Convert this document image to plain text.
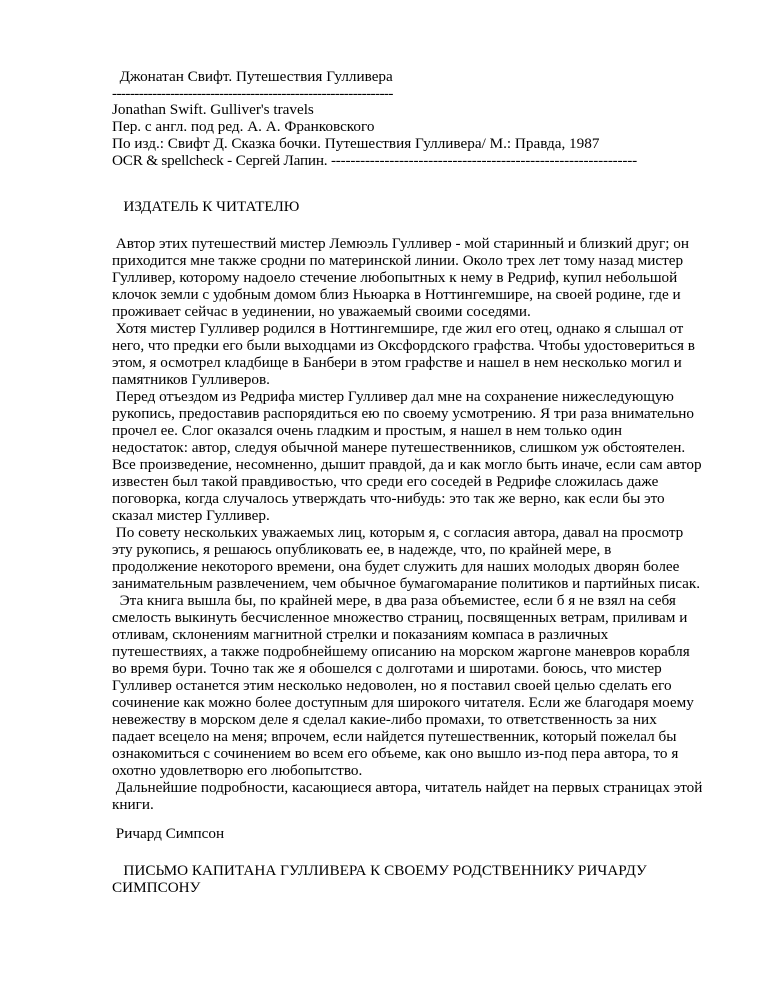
Джонатан Свифт. Путешествия Гулливера
---------------------------------------------------------------
Jonathan Swift. Gulliver's travels
Пер. с англ. под ред. А. А. Франковского
По изд.: Свифт Д. Сказка бочки. Путешествия Гулливера/ М.: Правда, 1987
OCR & spellcheck - Сергей Лапин. ---------------------------------------------------------------
ИЗДАТЕЛЬ К ЧИТАТЕЛЮ
Автор этих путешествий мистер Лемюэль Гулливер - мой старинный и близкий друг; он
приходится мне также сродни по материнской линии. Около трех лет тому назад мистер
Гулливер, которому надоело стечение любопытных к нему в Редриф, купил небольшой
клочок земли с удобным домом близ Ньюарка в Ноттингемшире, на своей родине, где и
проживает сейчас в уединении, но уважаемый своими соседями.
Хотя мистер Гулливер родился в Ноттингемшире, где жил его отец, однако я слышал от
него, что предки его были выходцами из Оксфордского графства. Чтобы удостовериться в
этом, я осмотрел кладбище в Банбери в этом графстве и нашел в нем несколько могил и
памятников Гулливеров.
Перед отъездом из Редрифа мистер Гулливер дал мне на сохранение нижеследующую
рукопись, предоставив распорядиться ею по своему усмотрению. Я три раза внимательно
прочел ее. Слог оказался очень гладким и простым, я нашел в нем только один
недостаток: автор, следуя обычной манере путешественников, слишком уж обстоятелен.
Все произведение, несомненно, дышит правдой, да и как могло быть иначе, если сам автор
известен был такой правдивостью, что среди его соседей в Редрифе сложилась даже
поговорка, когда случалось утверждать что-нибудь: это так же верно, как если бы это
сказал мистер Гулливер.
По совету нескольких уважаемых лиц, которым я, с согласия автора, давал на просмотр
эту рукопись, я решаюсь опубликовать ее, в надежде, что, по крайней мере, в
продолжение некоторого времени, она будет служить для наших молодых дворян более
занимательным развлечением, чем обычное бумагомарание политиков и партийных писак.
Эта книга вышла бы, по крайней мере, в два раза объемистее, если б я не взял на себя
смелость выкинуть бесчисленное множество страниц, посвященных ветрам, приливам и
отливам, склонениям магнитной стрелки и показаниям компаса в различных
путешествиях, а также подробнейшему описанию на морском жаргоне маневров корабля
во время бури. Точно так же я обошелся с долготами и широтами. боюсь, что мистер
Гулливер останется этим несколько недоволен, но я поставил своей целью сделать его
сочинение как можно более доступным для широкого читателя. Если же благодаря моему
невежеству в морском деле я сделал какие-либо промахи, то ответственность за них
падает всецело на меня; впрочем, если найдется путешественник, который пожелал бы
ознакомиться с сочинением во всем его объеме, как оно вышло из-под пера автора, то я
охотно удовлетворю его любопытство.
Дальнейшие подробности, касающиеся автора, читатель найдет на первых страницах этой
книги.
Ричард Симпсон
ПИСЬМО КАПИТАНА ГУЛЛИВЕРА К СВОЕМУ РОДСТВЕННИКУ РИЧАРДУ
СИМПСОНУ
